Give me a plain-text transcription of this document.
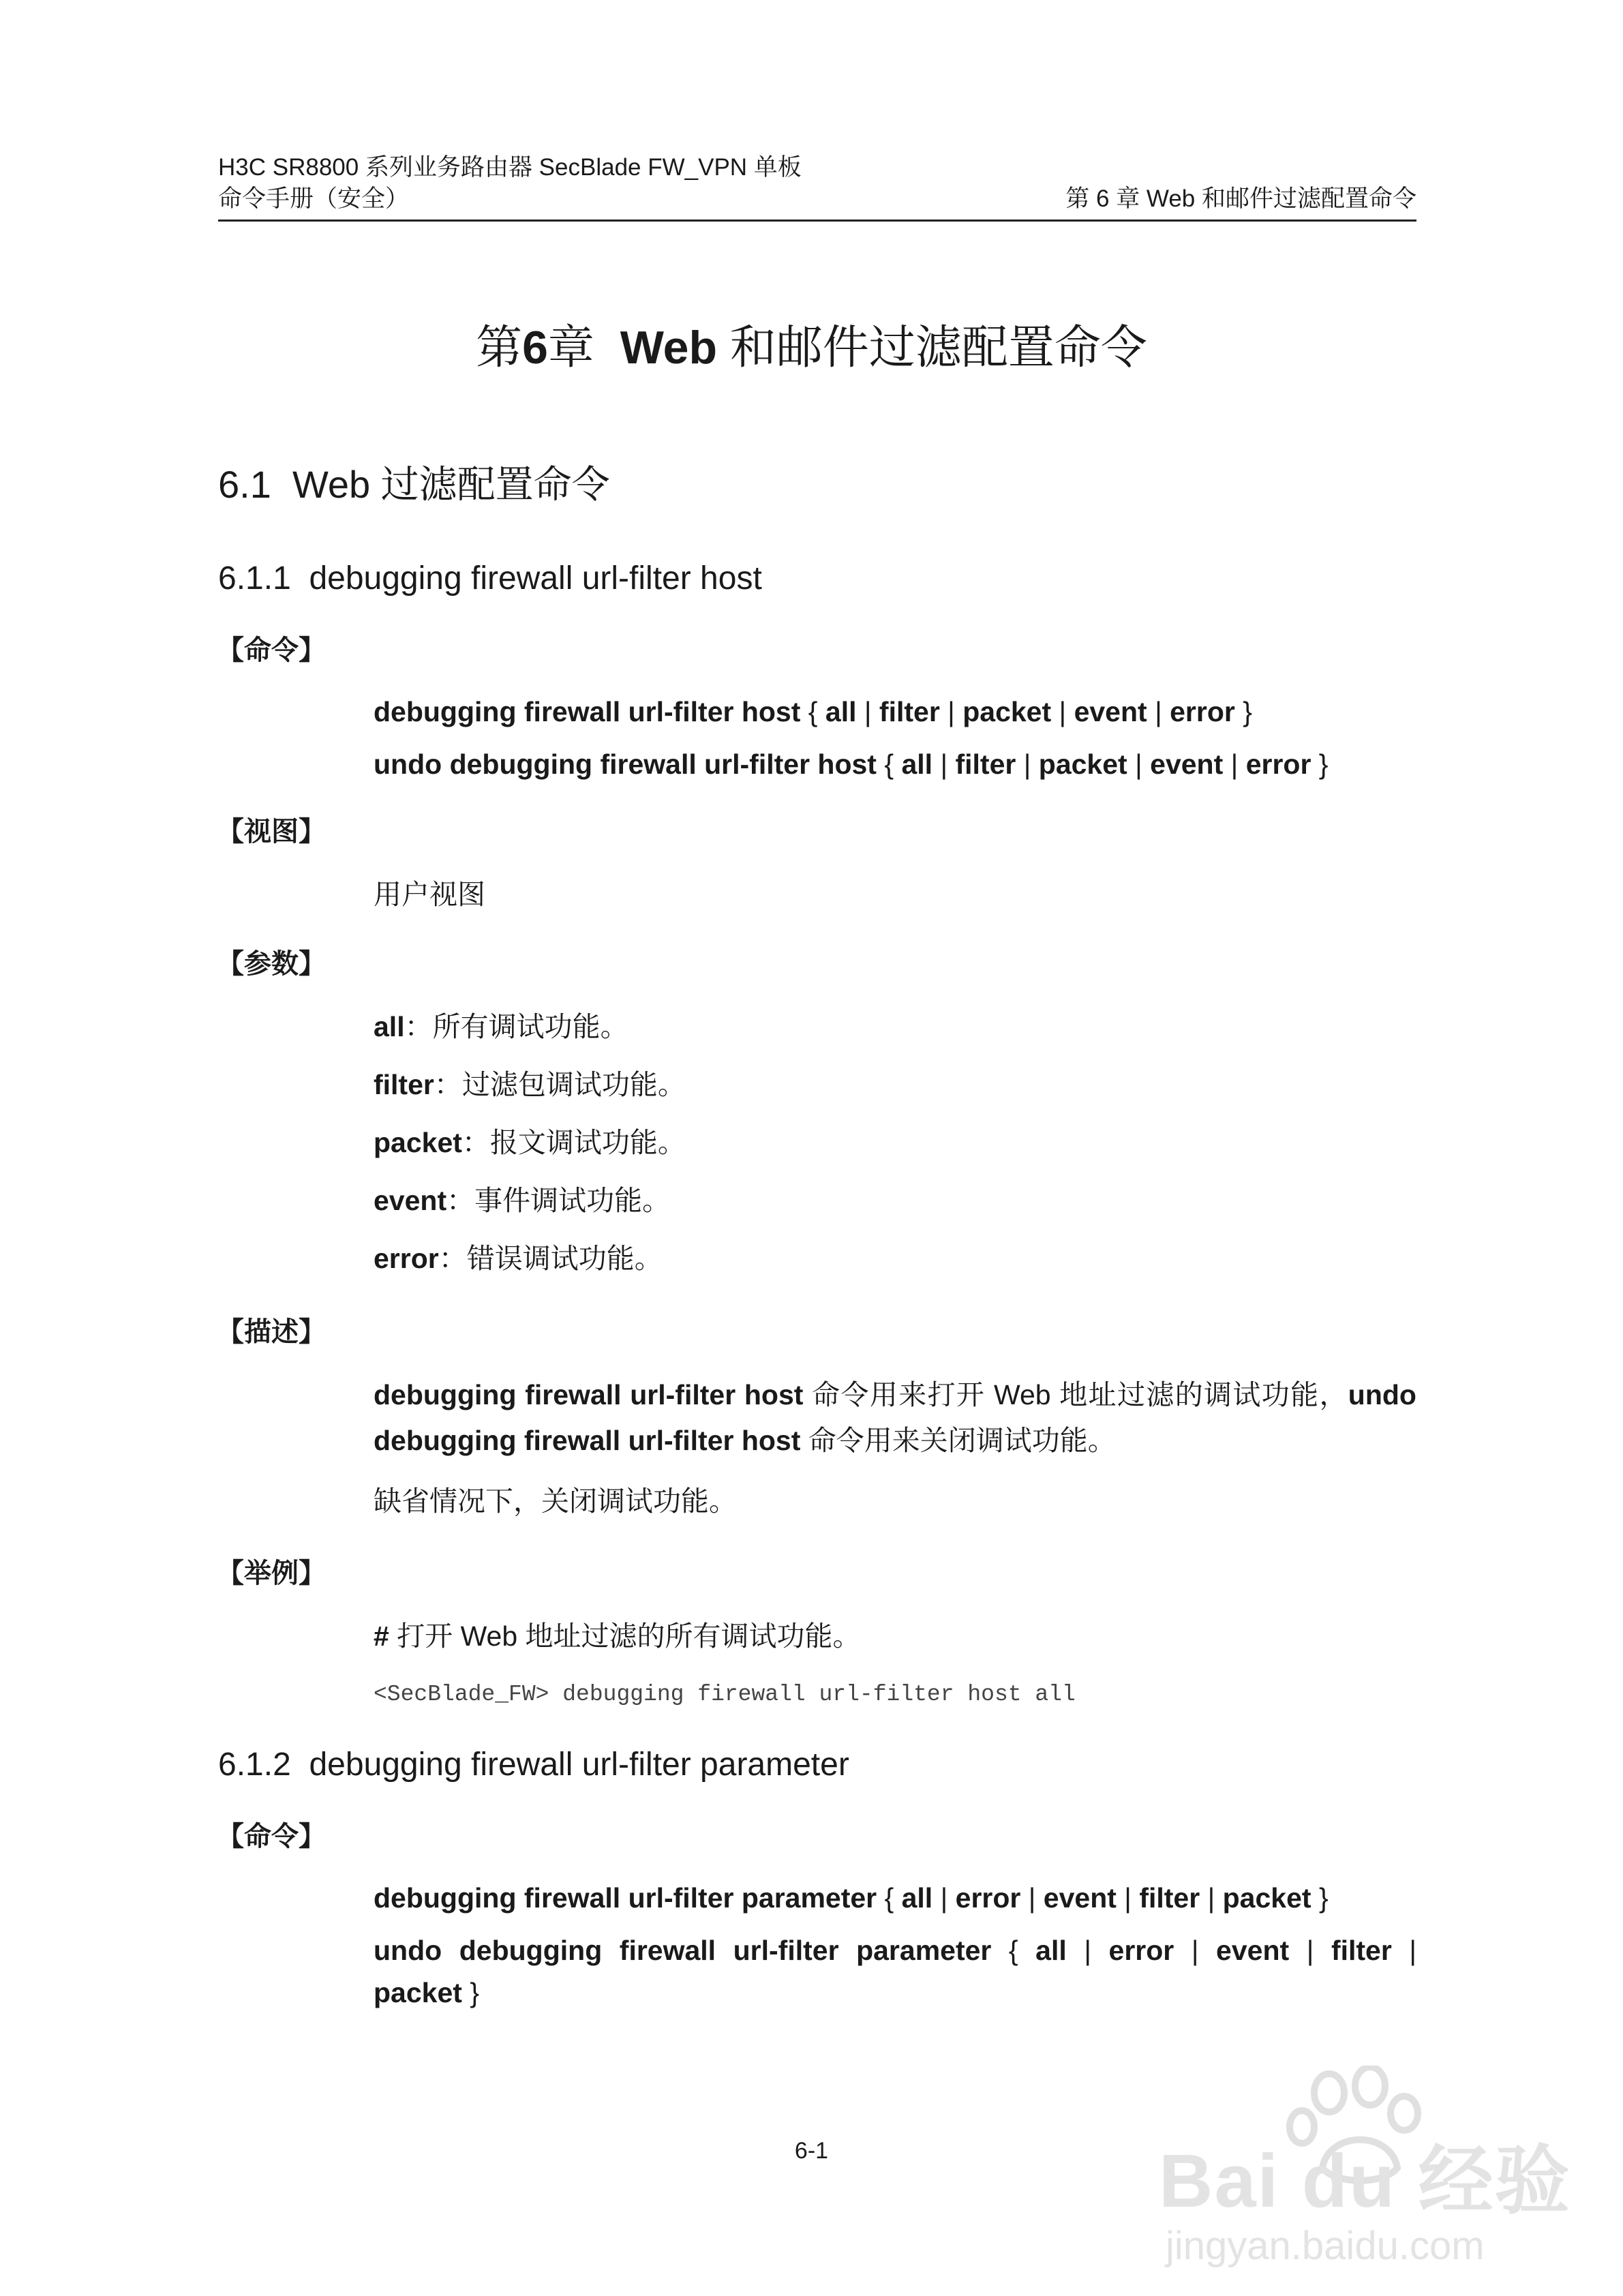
H3C SR8800 系列业务路由器 SecBlade FW_VPN 单板
命令手册（安全）	第 6 章 Web 和邮件过滤配置命令
第6章 Web 和邮件过滤配置命令
6.1 Web 过滤配置命令
6.1.1 debugging firewall url-filter host
【命令】
debugging firewall url-filter host { all | filter | packet | event | error }
undo debugging firewall url-filter host { all | filter | packet | event | error }
【视图】
用户视图
【参数】
all：所有调试功能。
filter：过滤包调试功能。
packet：报文调试功能。
event：事件调试功能。
error：错误调试功能。
【描述】
debugging firewall url-filter host 命令用来打开 Web 地址过滤的调试功能，undo
debugging firewall url-filter host 命令用来关闭调试功能。
缺省情况下，关闭调试功能。
【举例】
# 打开 Web 地址过滤的所有调试功能。
<SecBlade_FW> debugging firewall url-filter host all
6.1.2 debugging firewall url-filter parameter
【命令】
debugging firewall url-filter parameter { all | error | event | filter | packet }
undo debugging firewall url-filter parameter { all | error | event | filter |
packet }
6-1	Bai du 经验
jingyan.baidu.com
